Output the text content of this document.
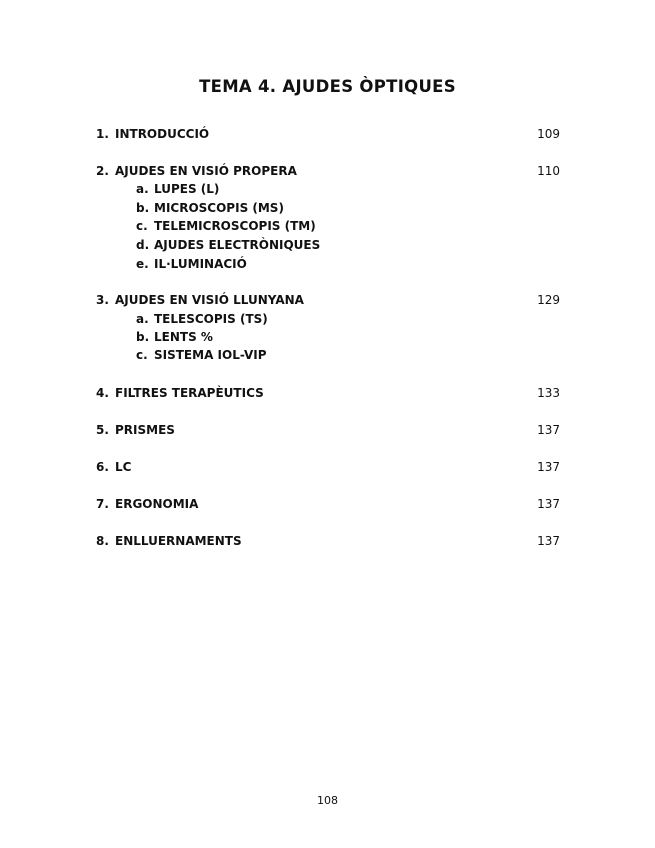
TEMA 4. AJUDES ÒPTIQUES
1. INTRODUCCIÓ	109
2. AJUDES EN VISIÓ PROPERA	110
a. LUPES (L)
b. MICROSCOPIS (MS)
c. TELEMICROSCOPIS (TM)
d. AJUDES ELECTRÒNIQUES
e. IL·LUMINACIÓ
3. AJUDES EN VISIÓ LLUNYANA	129
a. TELESCOPIS (TS)
b. LENTS %
c. SISTEMA IOL-VIP
4. FILTRES TERAPÈUTICS	133
5. PRISMES	137
6. LC	137
7. ERGONOMIA	137
8. ENLLUERNAMENTS	137
108
